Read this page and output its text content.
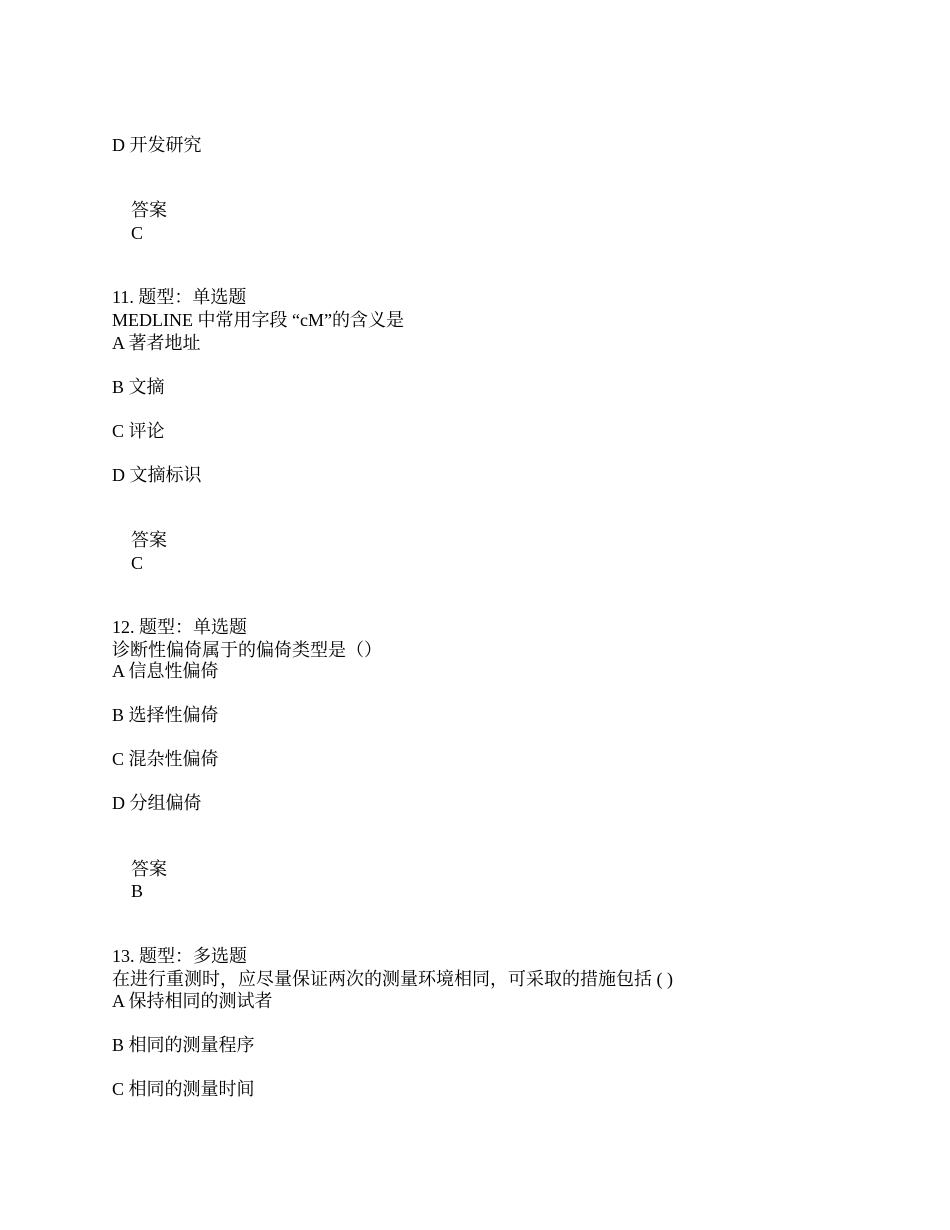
D 开发研究
答案
C
11. 题型：单选题
MEDLINE 中常用字段 “cM”的含义是
A 著者地址
B 文摘
C 评论
D 文摘标识
答案
C
12. 题型：单选题
诊断性偏倚属于的偏倚类型是（）
A 信息性偏倚
B 选择性偏倚
C 混杂性偏倚
D 分组偏倚
答案
B
13. 题型：多选题
在进行重测时，应尽量保证两次的测量环境相同，可采取的措施包括 ( )
A 保持相同的测试者
B 相同的测量程序
C 相同的测量时间
